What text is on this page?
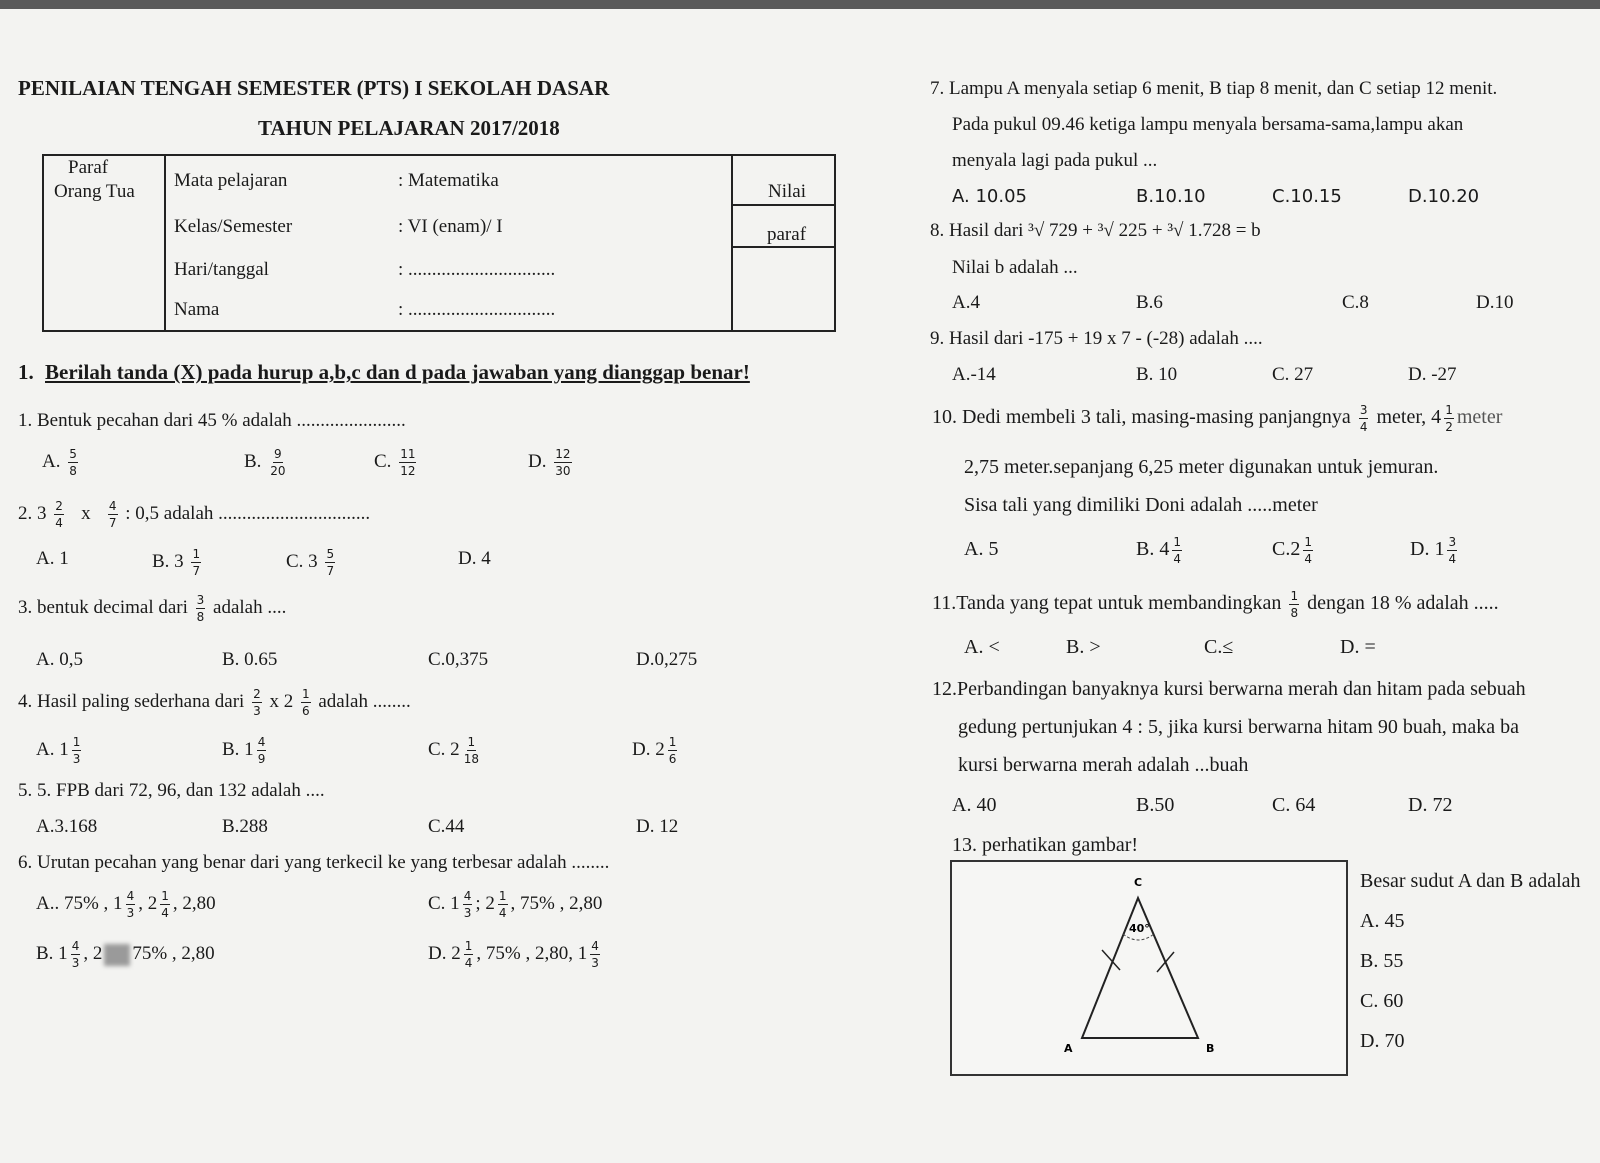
PENILAIAN TENGAH SEMESTER (PTS) I SEKOLAH DASAR
TAHUN PELAJARAN 2017/2018
Paraf
Orang Tua
Mata pelajaran	: Matematika
Kelas/Semester	: VI (enam)/ I
Hari/tanggal	: ...............................
Nama	: ...............................
Nilai
paraf
1. Berilah tanda (X) pada hurup a,b,c dan d pada jawaban yang dianggap benar!
1. Bentuk pecahan dari 45 % adalah .......................
A. $\frac{5}{8}$	B. $\frac{9}{20}$	C. $\frac{11}{12}$	D. $\frac{12}{30}$
2. $3 \frac{2}{4}$ x $\frac{4}{7}$ : 0,5 adalah ................................
A. 1	B. $3 \frac{1}{7}$	C. $3 \frac{5}{7}$	D. 4
3. bentuk decimal dari $\frac{3}{8}$ adalah ....
A. 0,5	B. 0.65	C.0,375	D.0,275
4. Hasil paling sederhana dari $\frac{2}{3}$ x $2 \frac{1}{6}$ adalah ........
A. $1 \frac{1}{3}$	B. $1 \frac{4}{9}$	C. $2 \frac{1}{18}$	D. $2 \frac{1}{6}$
5. 5. FPB dari 72, 96, dan 132 adalah ....
A.3.168	B.288	C.44	D. 12
6. Urutan pecahan yang benar dari yang terkecil ke yang terbesar adalah ........
A.. 75% , $1 \frac{4}{3}$ , $2 \frac{1}{4}$ , 2,80	C. $1 \frac{4}{3}$ ; $2 \frac{1}{4}$ , 75% , 2,80
B. $1 \frac{4}{3}$ , 2 75% , 2,80	D. $2 \frac{1}{4}$ , 75% , 2,80, $1 \frac{4}{3}$
7. Lampu A menyala setiap 6 menit, B tiap 8 menit, dan C setiap 12 menit.
Pada pukul 09.46 ketiga lampu menyala bersama-sama,lampu akan
menyala lagi pada pukul ...
A. 10.05	B.10.10	C.10.15	D.10.20
8. Hasil dari ³√ 729 + ³√ 225 + ³√ 1.728 = b
Nilai b adalah ...
A.4	B.6	C.8	D.10
9. Hasil dari -175 + 19 x 7 - (-28) adalah ....
A.-14	B. 10	C. 27	D. -27
10. Dedi membeli 3 tali, masing-masing panjangnya $\frac{3}{4}$ meter, $4 \frac{1}{2}$ meter
2,75 meter.sepanjang 6,25 meter digunakan untuk jemuran.
Sisa tali yang dimiliki Doni adalah .....meter
A. 5	B. $4 \frac{1}{4}$	$C.2 \frac{1}{4}$	D. $1 \frac{3}{4}$
11.Tanda yang tepat untuk membandingkan $\frac{1}{8}$ dengan 18 % adalah .....
A. <	B. >	C.≤	D. =
12.Perbandingan banyaknya kursi berwarna merah dan hitam pada sebuah
gedung pertunjukan 4 : 5, jika kursi berwarna hitam 90 buah, maka ba
kursi berwarna merah adalah ...buah
A. 40	B.50	C. 64	D. 72
13. perhatikan gambar!
C
A	B
40°
Besar sudut A dan B adalah
A. 45
B. 55
C. 60
D. 70
